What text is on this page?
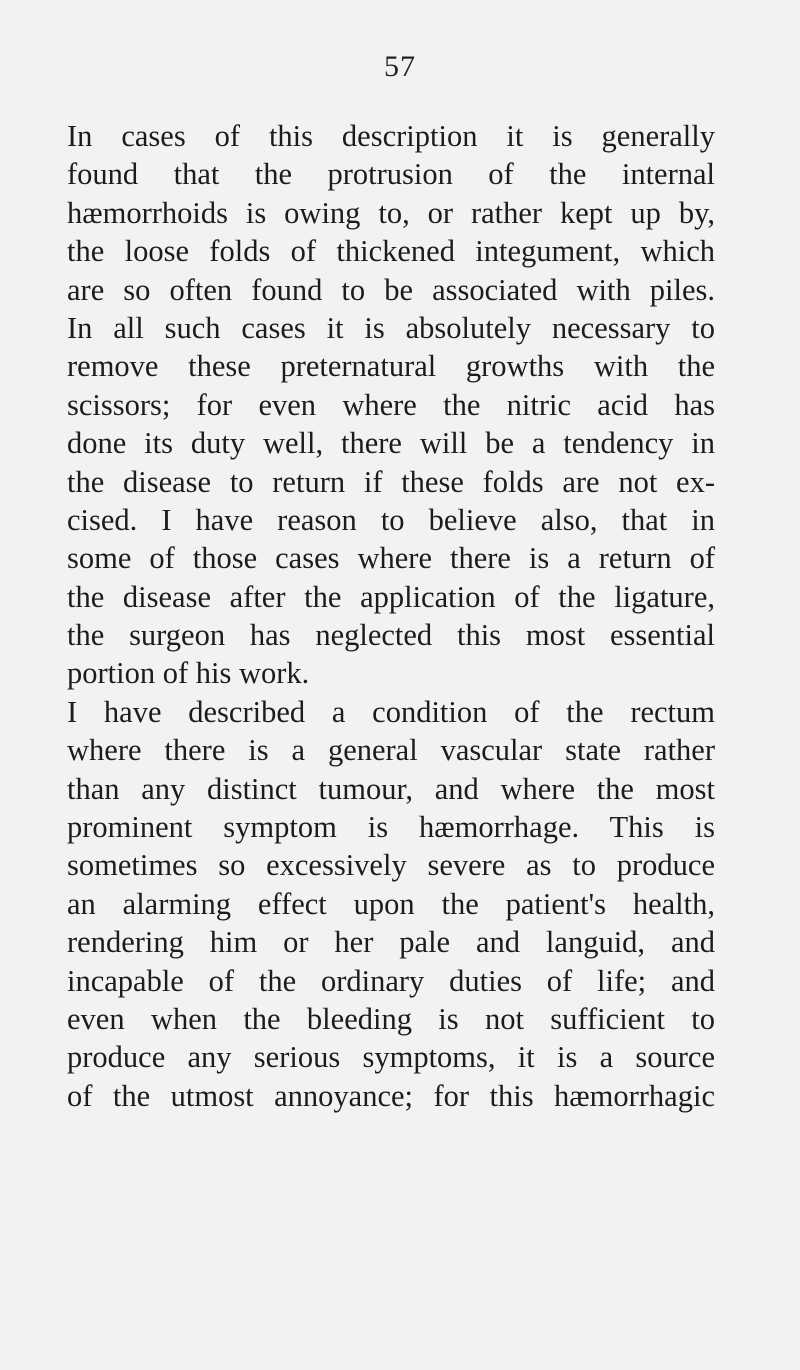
57
In cases of this description it is generally
found that the protrusion of the internal
hæmorrhoids is owing to, or rather kept up by,
the loose folds of thickened integument, which
are so often found to be associated with piles.
In all such cases it is absolutely necessary to
remove these preternatural growths with the
scissors; for even where the nitric acid has
done its duty well, there will be a tendency in
the disease to return if these folds are not ex-
cised. I have reason to believe also, that in
some of those cases where there is a return of
the disease after the application of the ligature,
the surgeon has neglected this most essential
portion of his work.
I have described a condition of the rectum
where there is a general vascular state rather
than any distinct tumour, and where the most
prominent symptom is hæmorrhage. This is
sometimes so excessively severe as to produce
an alarming effect upon the patient's health,
rendering him or her pale and languid, and
incapable of the ordinary duties of life; and
even when the bleeding is not sufficient to
produce any serious symptoms, it is a source
of the utmost annoyance; for this hæmorrhagic
